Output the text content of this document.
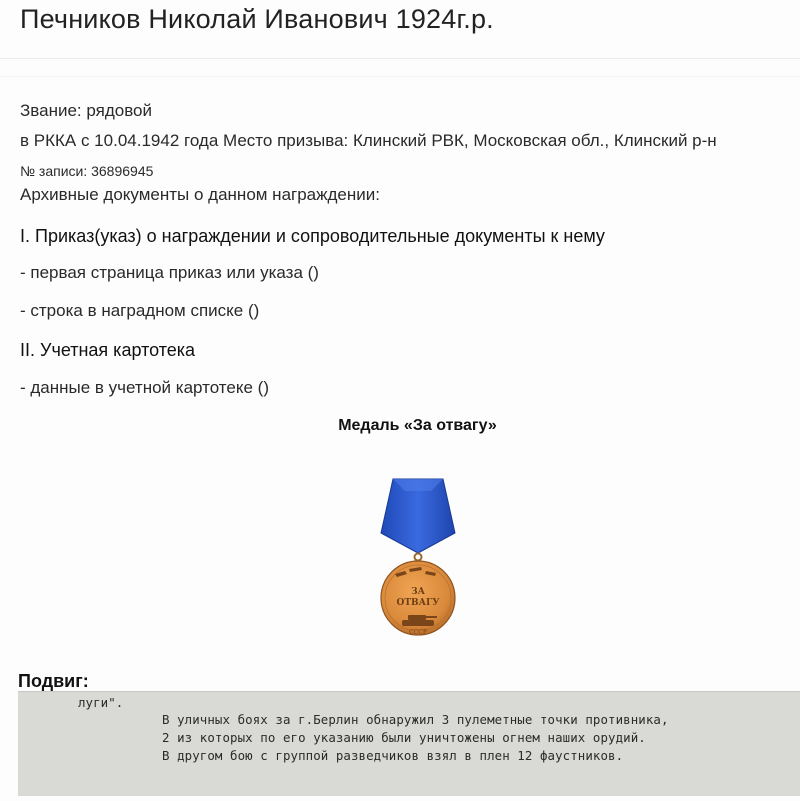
Печников Николай Иванович 1924г.р.
Звание: рядовой
в РККА с 10.04.1942 года Место призыва: Клинский РВК, Московская обл., Клинский р-н
№ записи: 36896945
Архивные документы о данном награждении:
I. Приказ(указ) о награждении и сопроводительные документы к нему
- первая страница приказ или указа ()
- строка в наградном списке ()
II. Учетная картотека
- данные в учетной картотеке ()
Медаль «За отвагу»
ЗА
ОТВАГУ
СССР
Подвиг:
луги".
В уличных боях за г.Берлин обнаружил 3 пулеметные точки противника,
2 из которых по его указанию были уничтожены огнем наших орудий.
В другом бою с группой разведчиков взял в плен 12 фаустников.
